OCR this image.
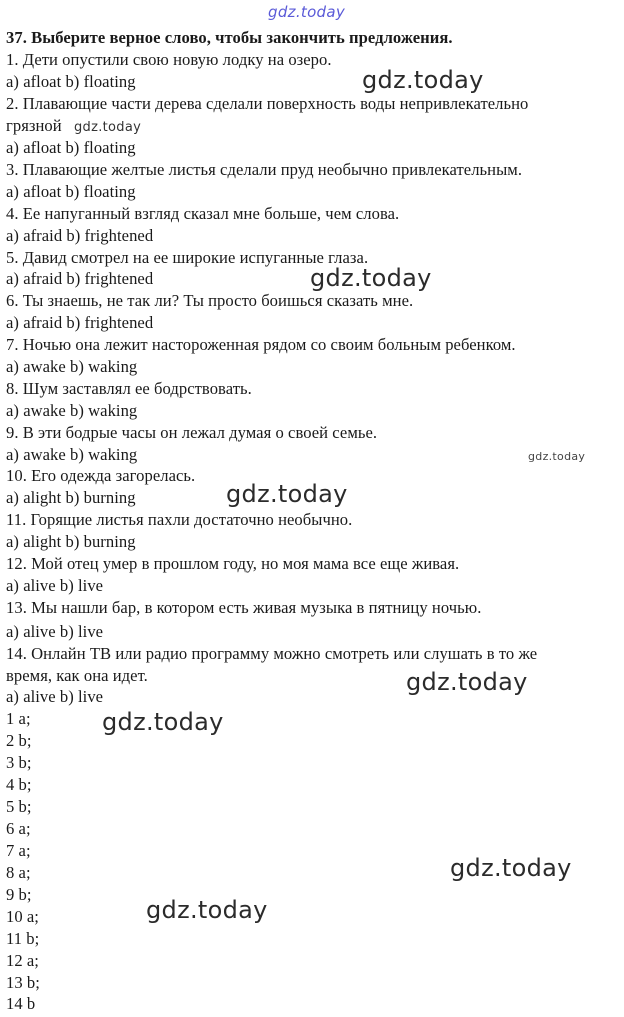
gdz.today
gdz.today
gdz.today
gdz.today
gdz.today
gdz.today
gdz.today
gdz.today
gdz.today
gdz.today
37. Выберите верное слово, чтобы закончить предложения.
1. Дети опустили свою новую лодку на озеро.
a) afloat b) floating
2. Плавающие части дерева сделали поверхность воды непривлекательно
грязной
a) afloat b) floating
3. Плавающие желтые листья сделали пруд необычно привлекательным.
a) afloat b) floating
4. Ее напуганный взгляд сказал мне больше, чем слова.
a) afraid b) frightened
5. Давид смотрел на ее широкие испуганные глаза.
a) afraid b) frightened
6. Ты знаешь, не так ли? Ты просто боишься сказать мне.
a) afraid b) frightened
7. Ночью она лежит настороженная рядом со своим больным ребенком.
a) awake b) waking
8. Шум заставлял ее бодрствовать.
a) awake b) waking
9. В эти бодрые часы он лежал думая о своей семье.
a) awake b) waking
10. Его одежда загорелась.
a) alight b) burning
11. Горящие листья пахли достаточно необычно.
a) alight b) burning
12. Мой отец умер в прошлом году, но моя мама все еще живая.
a) alive b) live
13. Мы нашли бар, в котором есть живая музыка в пятницу ночью.
a) alive b) live
14. Онлайн ТВ или радио программу можно смотреть или слушать в то же
время, как она идет.
a) alive b) live
1 a;
2 b;
3 b;
4 b;
5 b;
6 a;
7 a;
8 a;
9 b;
10 a;
11 b;
12 a;
13 b;
14 b
